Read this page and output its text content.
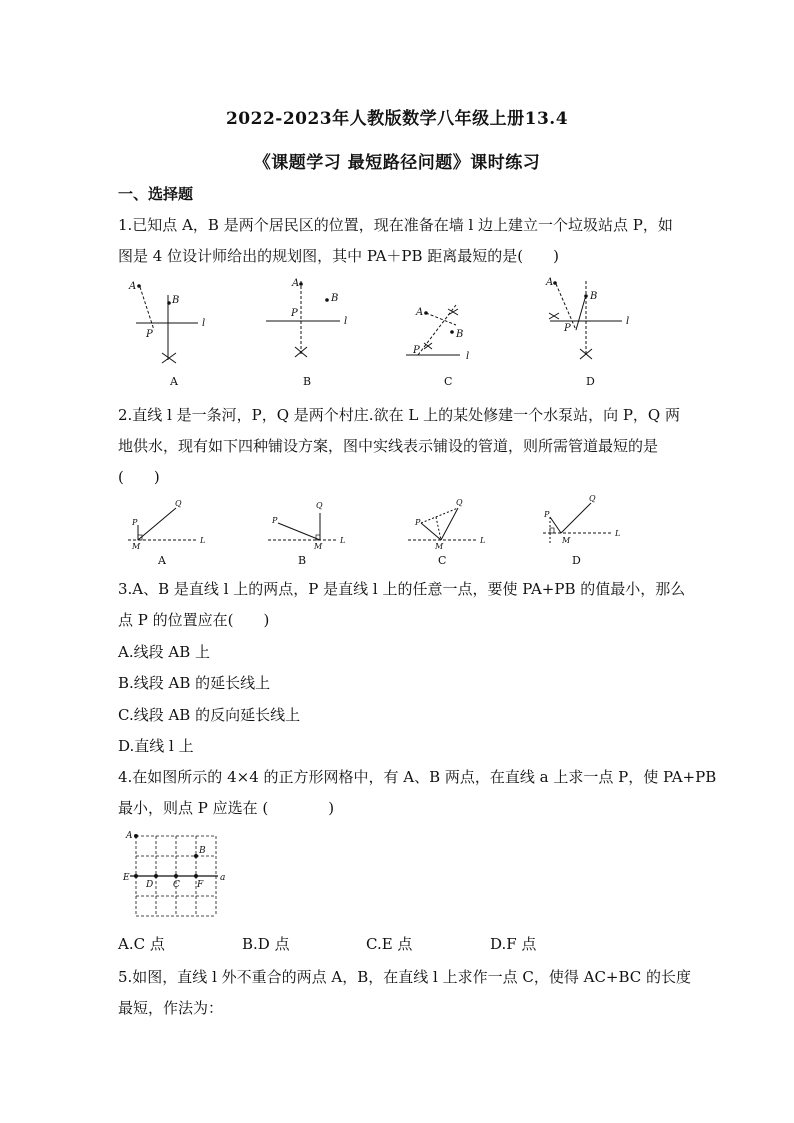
2022-2023年人教版数学八年级上册13.4
《课题学习 最短路径问题》课时练习
一、选择题
1.已知点 A，B 是两个居民区的位置，现在准备在墙 l 边上建立一个垃圾站点 P，如
图是 4 位设计师给出的规划图，其中 PA＋PB 距离最短的是(　　)
A
B
P
l
A
A
B
P
l
B
A
B
P
l
C
A
B
P
l
D
2.直线 l 是一条河，P，Q 是两个村庄.欲在 L 上的某处修建一个水泵站，向 P，Q 两
地供水，现有如下四种铺设方案，图中实线表示铺设的管道，则所需管道最短的是
(　　)
P
Q
M
L
A
P
Q
M
L
B
P
Q
M
L
C
P
Q
M
L
D
3.A、B 是直线 l 上的两点，P 是直线 l 上的任意一点，要使 PA+PB 的值最小，那么
点 P 的位置应在(　　)
A.线段 AB 上
B.线段 AB 的延长线上
C.线段 AB 的反向延长线上
D.直线 l 上
4.在如图所示的 4×4 的正方形网格中，有 A、B 两点，在直线 a 上求一点 P，使 PA+PB
最小，则点 P 应选在 (　　　　)
A
B
E
D C F
a
A.C 点	B.D 点	C.E 点	D.F 点
5.如图，直线 l 外不重合的两点 A，B，在直线 l 上求作一点 C，使得 AC+BC 的长度
最短，作法为：
